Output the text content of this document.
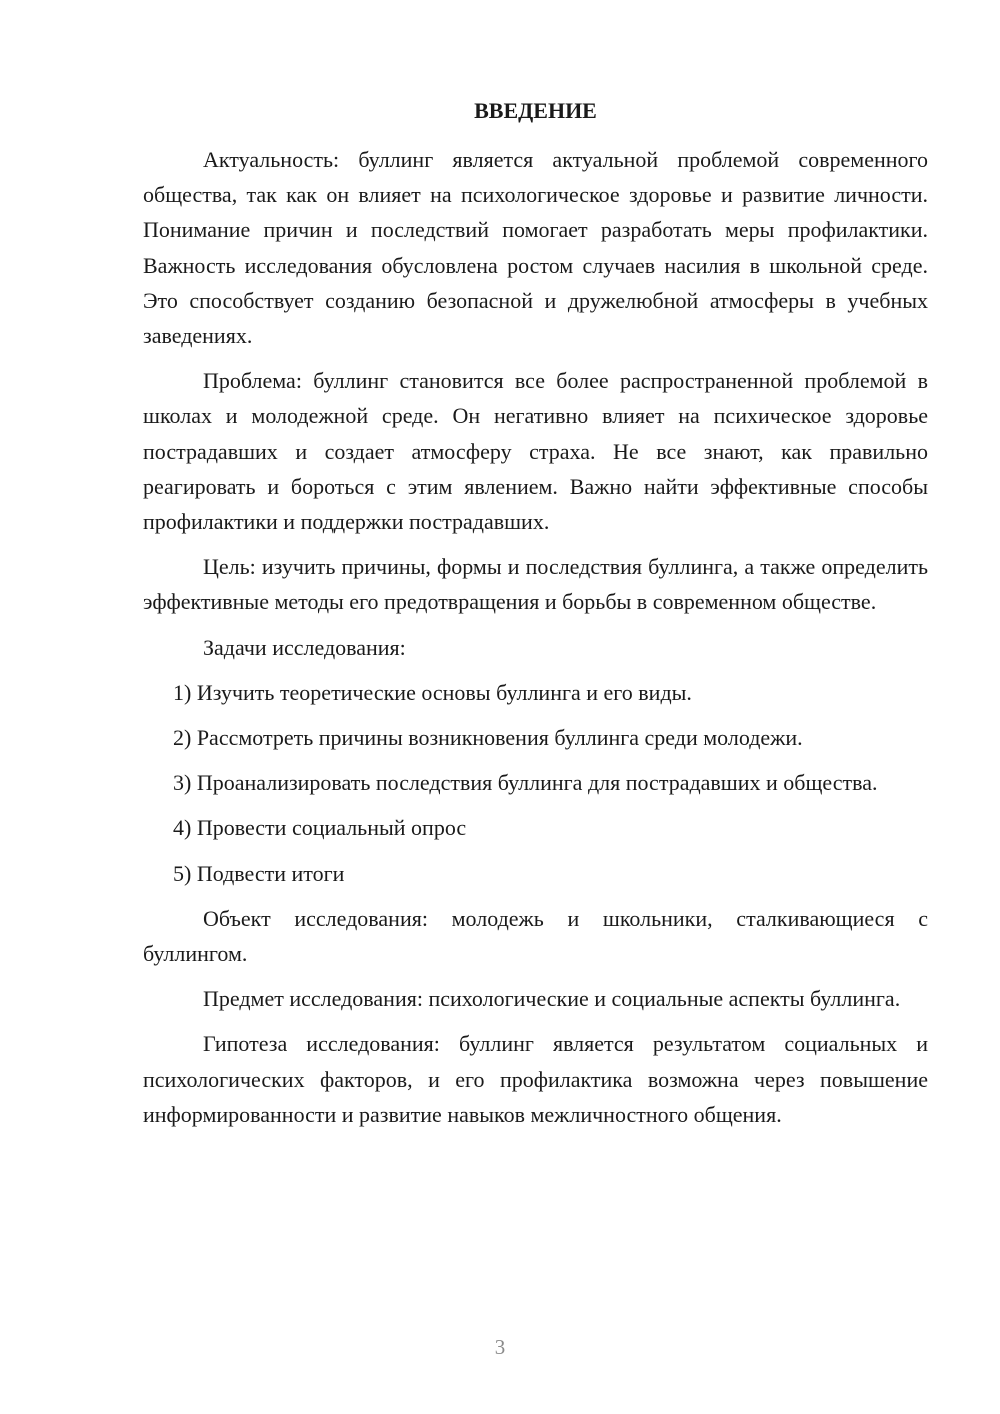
ВВЕДЕНИЕ

Актуальность: буллинг является актуальной проблемой современного общества, так как он влияет на психологическое здоровье и развитие личности. Понимание причин и последствий помогает разработать меры профилактики. Важность исследования обусловлена ростом случаев насилия в школьной среде. Это способствует созданию безопасной и дружелюбной атмосферы в учебных заведениях.

Проблема: буллинг становится все более распространенной проблемой в школах и молодежной среде. Он негативно влияет на психическое здоровье пострадавших и создает атмосферу страха. Не все знают, как правильно реагировать и бороться с этим явлением. Важно найти эффективные способы профилактики и поддержки пострадавших.

Цель: изучить причины, формы и последствия буллинга, а также определить эффективные методы его предотвращения и борьбы в современном обществе.

Задачи исследования:

1) Изучить теоретические основы буллинга и его виды.

2) Рассмотреть причины возникновения буллинга среди молодежи.

3) Проанализировать последствия буллинга для пострадавших и общества.

4) Провести социальный опрос

5) Подвести итоги

Объект исследования: молодежь и школьники, сталкивающиеся с буллингом.

Предмет исследования: психологические и социальные аспекты буллинга.

Гипотеза исследования: буллинг является результатом социальных и психологических факторов, и его профилактика возможна через повышение информированности и развитие навыков межличностного общения.

3
